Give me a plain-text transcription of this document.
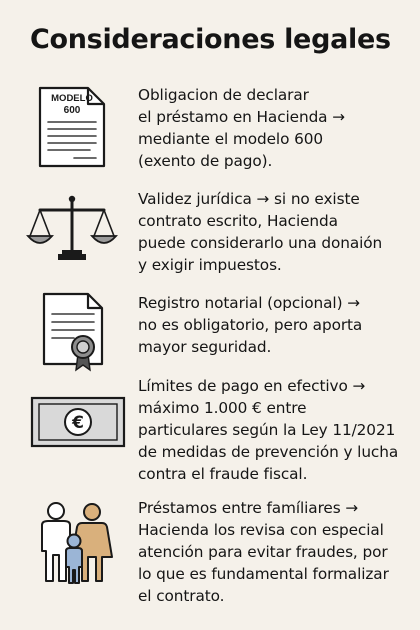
Consideraciones legales
MODELO
600
Obligacion de declarar
el préstamo en Hacienda →
mediante el modelo 600
(exento de pago).
Validez jurídica → si no existe
contrato escrito, Hacienda
puede considerarlo una donaión
y exigir impuestos.
Registro notarial (opcional) →
no es obligatorio, pero aporta
mayor seguridad.
€
Límites de pago en efectivo →
máximo 1.000 € entre
particulares según la Ley 11/2021
de medidas de prevención y lucha
contra el fraude fiscal.
Préstamos entre famíliares →
Hacienda los revisa con especial
atención para evitar fraudes, por
lo que es fundamental formalizar
el contrato.
